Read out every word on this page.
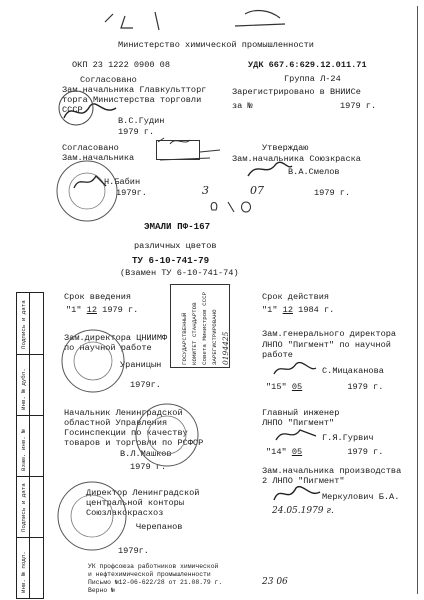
Министерство химической промышленности
ОКП 23 1222 0900 08	УДК 667.6:629.12.011.71
Группа Л-24
Зарегистрировано в ВНИИСе
за №	1979 г.
Согласовано
Зам.начальника Главкультторг
торга Министерства торговли
СССР
В.С.Гудин
1979 г.
Согласовано
Зам.начальника
Н.Бабин
1979г.
Утверждаю
Зам.начальника Союзкраска
В.А.Смелов
3	07	1979 г.
ЭМАЛИ ПФ-167
различных цветов
ТУ 6-10-741-79
(Взамен ТУ 6-10-741-74)
Срок введения
"1" 12 1979 г.
Срок действия
"1" 12 1984 г.
ГОСУДАРСТВЕННЫЙ КОМИТЕТ СТАНДАРТОВ Совета Министров СССР ЗАРЕГИСТРИРОВАНО 0194425
Зам.директора ЦНИИМФ
по научной работе
Ураницын
1979г.
Зам.генерального директора
ЛНПО "Пигмент" по научной
работе
С.Мицаканова
"15" 05	1979 г.
Начальник Ленинградской
областной Управления
Госинспекции по качеству
товаров и торговли по РСФСР
В.Л.Машков
1979 г.
Главный инженер
ЛНПО "Пигмент"
Г.Я.Гурвич
"14" 05	1979 г.
Зам.начальника производства
2 ЛНПО "Пигмент"
Меркулович Б.А.
24.05.1979 г.
Директор Ленинградской
центральной конторы
Союзлакокрасхоз
Черепанов
1979г.
УК профсоюза работников химической
и нефтехимической промышленности
Письмо №12-06-622/28 от 21.08.79 г.
Верно №
23 06
Подпись и дата
Инв. № дубл.
Взам. инв. №
Подпись и дата
Инв. № подл.
